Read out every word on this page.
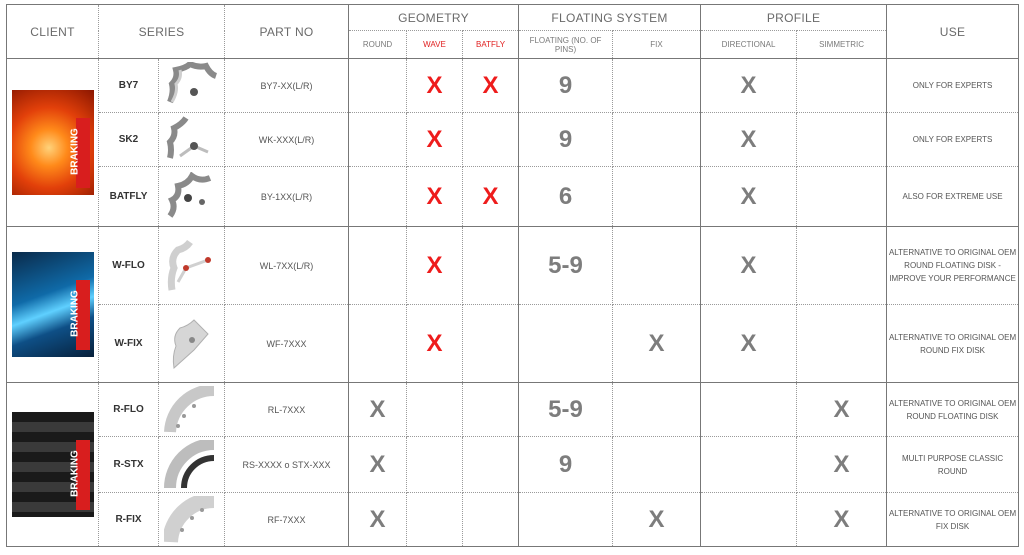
CLIENT	SERIES		PART NO	GEOMETRY			FLOATING SYSTEM		PROFILE		USE
				ROUND	WAVE	BATFLY	FLOATING (NO. OF PINS)	FIX	DIRECTIONAL	SIMMETRIC	

BRAKING	BY7		BY7-XX(L/R)		X	X	9		X		ONLY FOR EXPERTS
	SK2		WK-XXX(L/R)		X		9		X		ONLY FOR EXPERTS
	BATFLY		BY-1XX(L/R)		X	X	6		X		ALSO FOR EXTREME USE

BRAKING	W-FLO		WL-7XX(L/R)		X		5-9		X		ALTERNATIVE TO ORIGINAL OEM ROUND FLOATING DISK - IMPROVE YOUR PERFORMANCE
	W-FIX		WF-7XXX		X			X	X		ALTERNATIVE TO ORIGINAL OEM ROUND FIX DISK

BRAKING	R-FLO		RL-7XXX	X			5-9			X	ALTERNATIVE TO ORIGINAL OEM ROUND FLOATING DISK
	R-STX		RS-XXXX o STX-XXX	X			9			X	MULTI PURPOSE CLASSIC ROUND
	R-FIX		RF-7XXX	X				X		X	ALTERNATIVE TO ORIGINAL OEM FIX DISK
